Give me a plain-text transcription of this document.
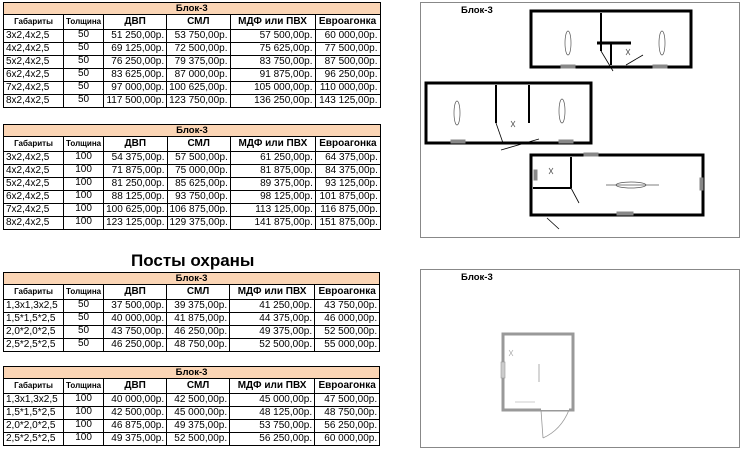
Блок-3					
Габариты	Толщина	ДВП	СМЛ	МДФ или ПВХ	Евроагонка
3х2,4х2,5	50	51 250,00р.	53 750,00р.	57 500,00р.	60 000,00р.
4х2,4х2,5	50	69 125,00р.	72 500,00р.	75 625,00р.	77 500,00р.
5х2,4х2,5	50	76 250,00р.	79 375,00р.	83 750,00р.	87 500,00р.
6х2,4х2,5	50	83 625,00р.	87 000,00р.	91 875,00р.	96 250,00р.
7х2,4х2,5	50	97 000,00р.	100 625,00р.	105 000,00р.	110 000,00р.
8х2,4х2,5	50	117 500,00р.	123 750,00р.	136 250,00р.	143 125,00р.
Блок-3					
Габариты	Толщина	ДВП	СМЛ	МДФ или ПВХ	Евроагонка
3х2,4х2,5	100	54 375,00р.	57 500,00р.	61 250,00р.	64 375,00р.
4х2,4х2,5	100	71 875,00р.	75 000,00р.	81 875,00р.	84 375,00р.
5х2,4х2,5	100	81 250,00р.	85 625,00р.	89 375,00р.	93 125,00р.
6х2,4х2,5	100	88 125,00р.	93 750,00р.	98 125,00р.	101 875,00р.
7х2,4х2,5	100	100 625,00р.	106 875,00р.	113 125,00р.	116 875,00р.
8х2,4х2,5	100	123 125,00р.	129 375,00р.	141 875,00р.	151 875,00р.
Посты охраны
Блок-3					
Габариты	Толщина	ДВП	СМЛ	МДФ или ПВХ	Евроагонка
1,3х1,3х2,5	50	37 500,00р.	39 375,00р.	41 250,00р.	43 750,00р.
1,5*1,5*2,5	50	40 000,00р.	41 875,00р.	44 375,00р.	46 000,00р.
2,0*2,0*2,5	50	43 750,00р.	46 250,00р.	49 375,00р.	52 500,00р.
2,5*2,5*2,5	50	46 250,00р.	48 750,00р.	52 500,00р.	55 000,00р.
Блок-3					
Габариты	Толщина	ДВП	СМЛ	МДФ или ПВХ	Евроагонка
1,3х1,3х2,5	100	40 000,00р.	42 500,00р.	45 000,00р.	47 500,00р.
1,5*1,5*2,5	100	42 500,00р.	45 000,00р.	48 125,00р.	48 750,00р.
2,0*2,0*2,5	100	46 875,00р.	49 375,00р.	53 750,00р.	56 250,00р.
2,5*2,5*2,5	100	49 375,00р.	52 500,00р.	56 250,00р.	60 000,00р.
Блок-3
Блок-3
